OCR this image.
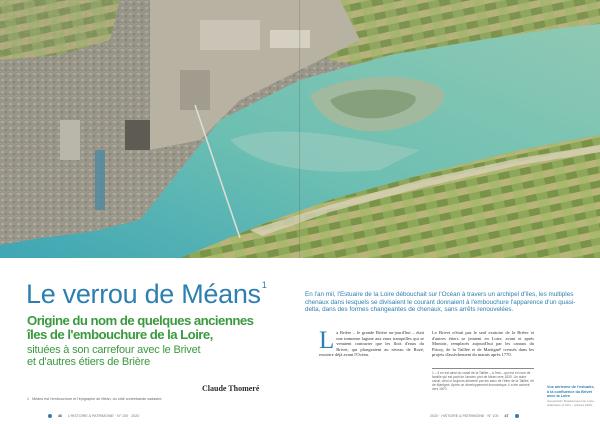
Le verrou de Méans$^1$
Origine du nom de quelques anciennes
îles de l'embouchure de la Loire,
situées à son carrefour avec le Brivet
et d'autres étiers de Brière
Claude Thomeré
1 Méans est l'embouchure et l'épigraphe de Méan, du côté contrebande cadastre.
46 L'HISTOIRE & PATRIMOINE · N° 100 · 2020
En l'an mil, l'Estuaire de la Loire débouchait sur l'Océan à travers un archipel d'îles, les multiples chenaux dans lesquels se divisaient le courant donnaient à l'embouchure l'apparence d'un quasi-delta, dans des formes changeantes de chenaux, sans arrêts renouvelées.
La Brière – le grande Brière au-jourd'hui – était une immense lagune aux eaux tranquilles qui se venaient contrarier que les flots d'eaux du Brivet, qui plongeaient au niveau de Rozé, exutoire déjà avant l'Océan.
Le Brivet n'était pas le seul exutoire de la Brière et d'autres étiers se jetaient en Loire, avant et après Montoir, remplacés aujourd'hui par les canaux du Priory, de la Taillée et de Martigné¹ creusés dans les projets d'assèchement du marais après 1770.
1 – Il en est ainsi du canal de la Taillée – à l'est – qui est en nom de famille qui est parti de l'ancien port de Méan vers 1830. Un autre canal, celui-ci toujours alimenté par les eaux de l'étier de la Taillée, dit de Martigné. Après un développement économique, il a été achevé vers 1870.
Vue aérienne de l'estuaire, à la confluence du Brivet avec la Loire
Géoportail / Département de Loire-Atlantique et IGN – années 2010
2020 · HISTOIRE & PATRIMOINE · N° 100 47
